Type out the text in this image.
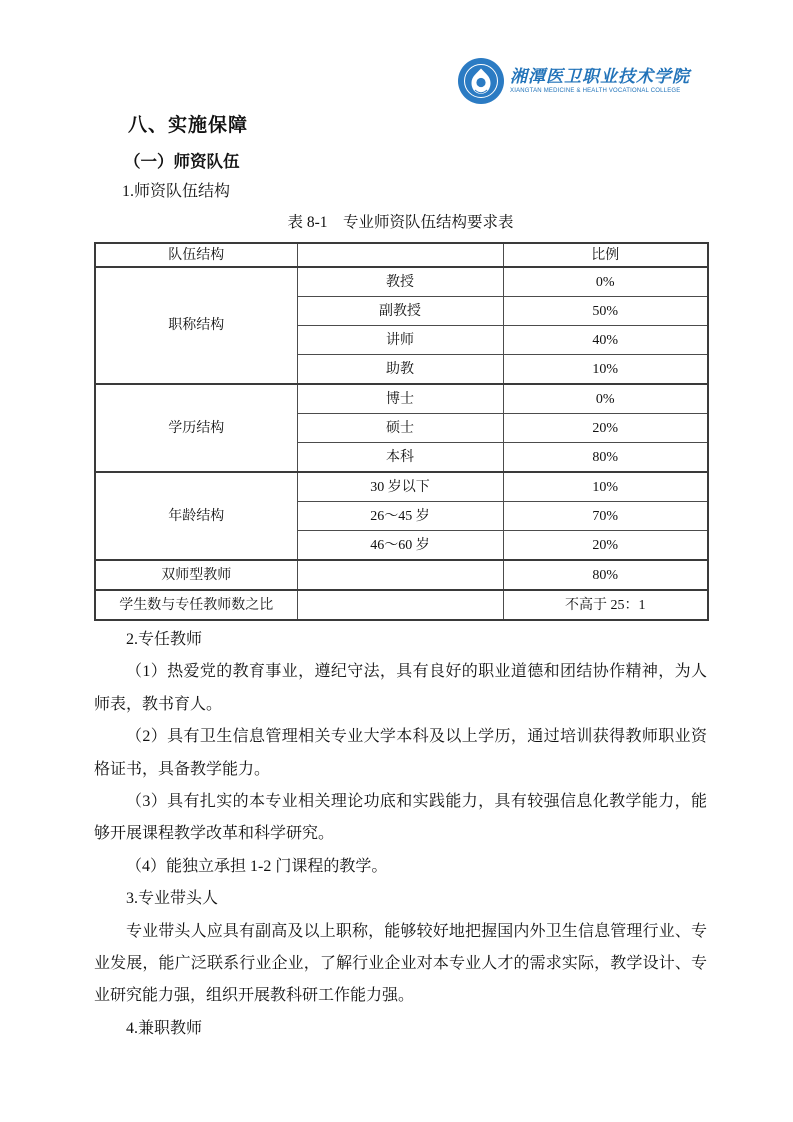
湘潭医卫职业技术学院
XIANGTAN MEDICINE & HEALTH VOCATIONAL COLLEGE
八、实施保障
（一）师资队伍
1.师资队伍结构
表 8-1　专业师资队伍结构要求表
队伍结构		比例
职称结构	教授	0%
	副教授	50%
	讲师	40%
	助教	10%
学历结构	博士	0%
	硕士	20%
	本科	80%
年龄结构	30 岁以下	10%
	26～45 岁	70%
	46～60 岁	20%
双师型教师		80%
学生数与专任教师数之比		不高于 25：1

2.专任教师

（1）热爱党的教育事业，遵纪守法，具有良好的职业道德和团结协作精神，为人师表，教书育人。

（2）具有卫生信息管理相关专业大学本科及以上学历，通过培训获得教师职业资格证书，具备教学能力。

（3）具有扎实的本专业相关理论功底和实践能力，具有较强信息化教学能力，能够开展课程教学改革和科学研究。

（4）能独立承担 1-2 门课程的教学。

3.专业带头人

专业带头人应具有副高及以上职称，能够较好地把握国内外卫生信息管理行业、专业发展，能广泛联系行业企业，了解行业企业对本专业人才的需求实际，教学设计、专业研究能力强，组织开展教科研工作能力强。

4.兼职教师
